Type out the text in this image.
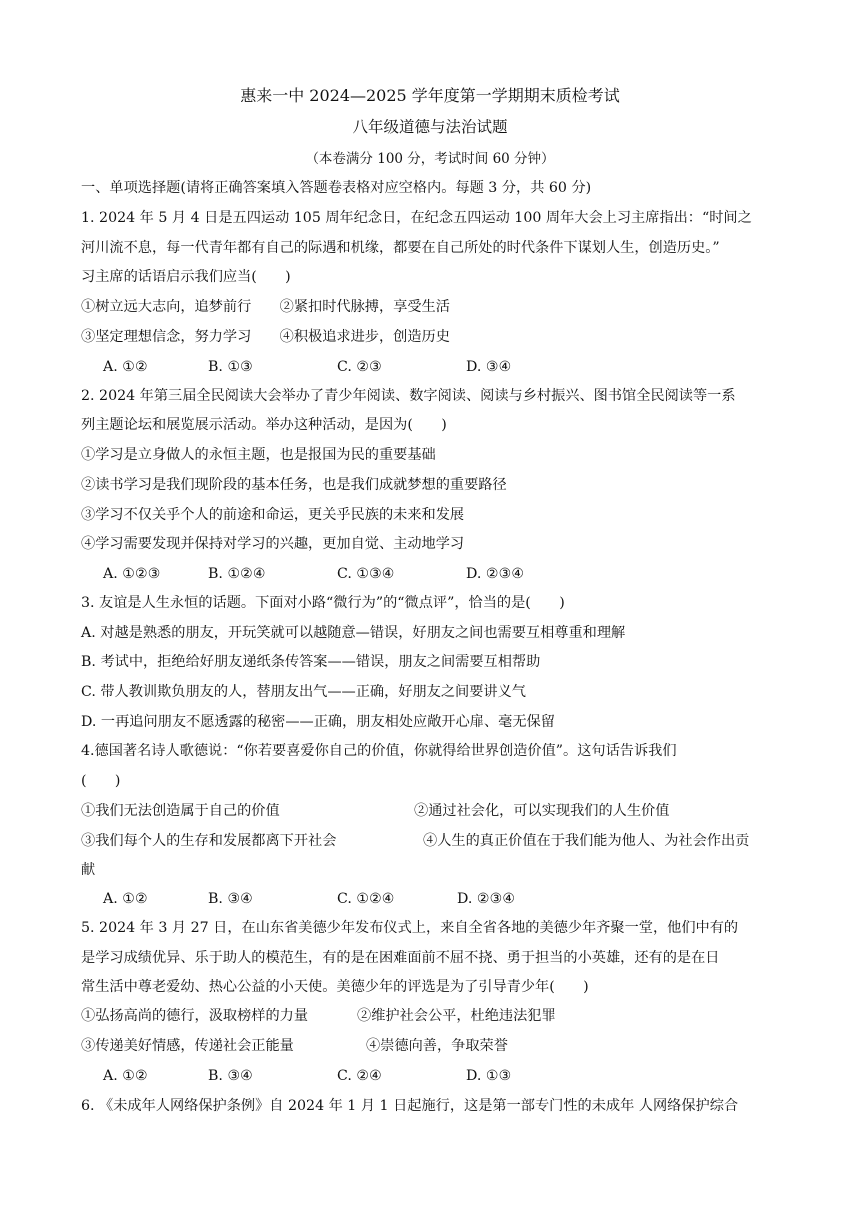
惠来一中 2024—2025 学年度第一学期期末质检考试
八年级道德与法治试题
（本卷满分 100 分，考试时间 60 分钟）
一、单项选择题(请将正确答案填入答题卷表格对应空格内。每题 3 分，共 60 分)
1. 2024 年 5 月 4 日是五四运动 105 周年纪念日，在纪念五四运动 100 周年大会上习主席指出：“时间之
河川流不息，每一代青年都有自己的际遇和机缘，都要在自己所处的时代条件下谋划人生，创造历史。”
习主席的话语启示我们应当(　　)
①树立远大志向，追梦前行　　②紧扣时代脉搏，享受生活
③坚定理想信念，努力学习　　④积极追求进步，创造历史
A. ①②	B. ①③	C. ②③	D. ③④
2. 2024 年第三届全民阅读大会举办了青少年阅读、数字阅读、阅读与乡村振兴、图书馆全民阅读等一系
列主题论坛和展览展示活动。举办这种活动，是因为(　　)
①学习是立身做人的永恒主题，也是报国为民的重要基础
②读书学习是我们现阶段的基本任务，也是我们成就梦想的重要路径
③学习不仅关乎个人的前途和命运，更关乎民族的未来和发展
④学习需要发现并保持对学习的兴趣，更加自觉、主动地学习
A. ①②③	B. ①②④	C. ①③④	D. ②③④
3. 友谊是人生永恒的话题。下面对小路“微行为”的“微点评”，恰当的是(　　)
A. 对越是熟悉的朋友，开玩笑就可以越随意—错误，好朋友之间也需要互相尊重和理解
B. 考试中，拒绝给好朋友递纸条传答案——错误，朋友之间需要互相帮助
C. 带人教训欺负朋友的人，替朋友出气——正确，好朋友之间要讲义气
D. 一再追问朋友不愿透露的秘密——正确，朋友相处应敞开心扉、毫无保留
4.德国著名诗人歌德说：“你若要喜爱你自己的价值，你就得给世界创造价值”。这句话告诉我们
(　　)
①我们无法创造属于自己的价值	②通过社会化，可以实现我们的人生价值
③我们每个人的生存和发展都离下开社会	④人生的真正价值在于我们能为他人、为社会作出贡
献
A. ①②	B. ③④	C. ①②④	D. ②③④
5. 2024 年 3 月 27 日，在山东省美德少年发布仪式上，来自全省各地的美德少年齐聚一堂，他们中有的
是学习成绩优异、乐于助人的模范生，有的是在困难面前不屈不挠、勇于担当的小英雄，还有的是在日
常生活中尊老爱幼、热心公益的小天使。美德少年的评选是为了引导青少年(　　)
①弘扬高尚的德行，汲取榜样的力量	②维护社会公平，杜绝违法犯罪
③传递美好情感，传递社会正能量	④崇德向善，争取荣誉
A. ①②	B. ③④	C. ②④	D. ①③
6. 《未成年人网络保护条例》自 2024 年 1 月 1 日起施行，这是第一部专门性的未成年 人网络保护综合
